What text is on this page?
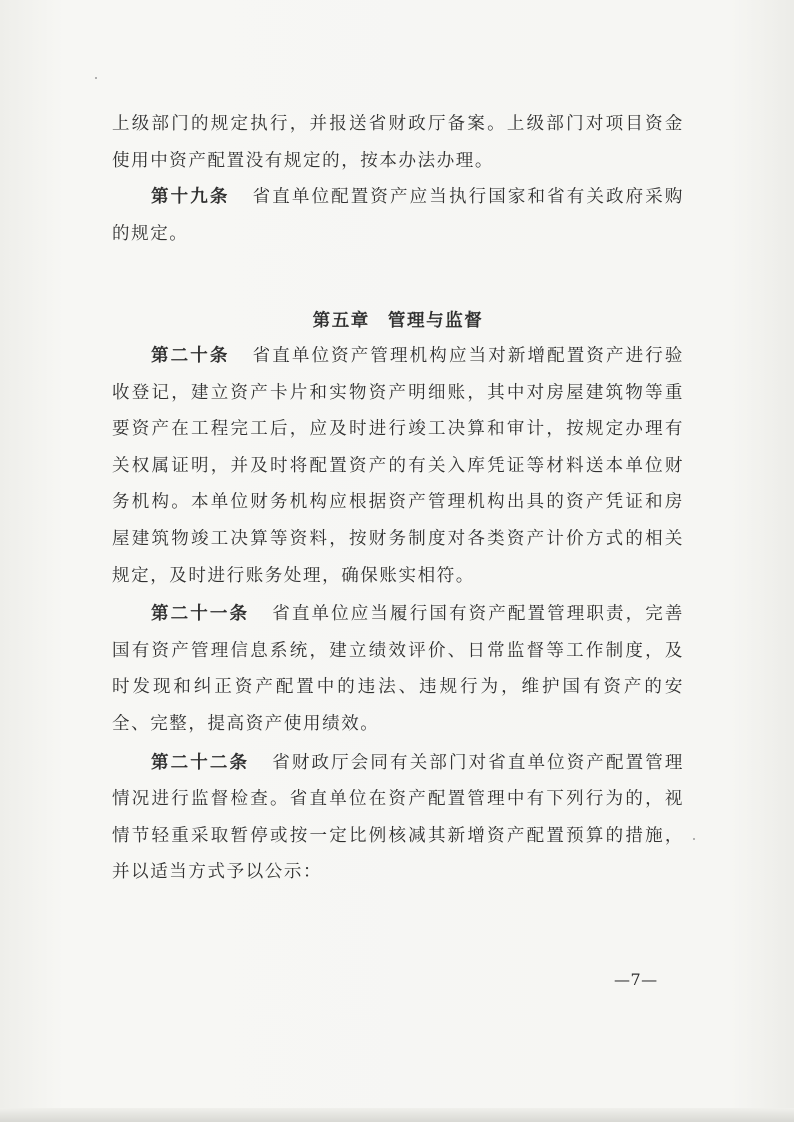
上级部门的规定执行，并报送省财政厅备案。上级部门对项目资金使用中资产配置没有规定的，按本办法办理。

第十九条 省直单位配置资产应当执行国家和省有关政府采购的规定。

第五章 管理与监督

第二十条 省直单位资产管理机构应当对新增配置资产进行验收登记，建立资产卡片和实物资产明细账，其中对房屋建筑物等重要资产在工程完工后，应及时进行竣工决算和审计，按规定办理有关权属证明，并及时将配置资产的有关入库凭证等材料送本单位财务机构。本单位财务机构应根据资产管理机构出具的资产凭证和房屋建筑物竣工决算等资料，按财务制度对各类资产计价方式的相关规定，及时进行账务处理，确保账实相符。

第二十一条 省直单位应当履行国有资产配置管理职责，完善国有资产管理信息系统，建立绩效评价、日常监督等工作制度，及时发现和纠正资产配置中的违法、违规行为，维护国有资产的安全、完整，提高资产使用绩效。

第二十二条 省财政厅会同有关部门对省直单位资产配置管理情况进行监督检查。省直单位在资产配置管理中有下列行为的，视情节轻重采取暂停或按一定比例核减其新增资产配置预算的措施，并以适当方式予以公示：

—7—
